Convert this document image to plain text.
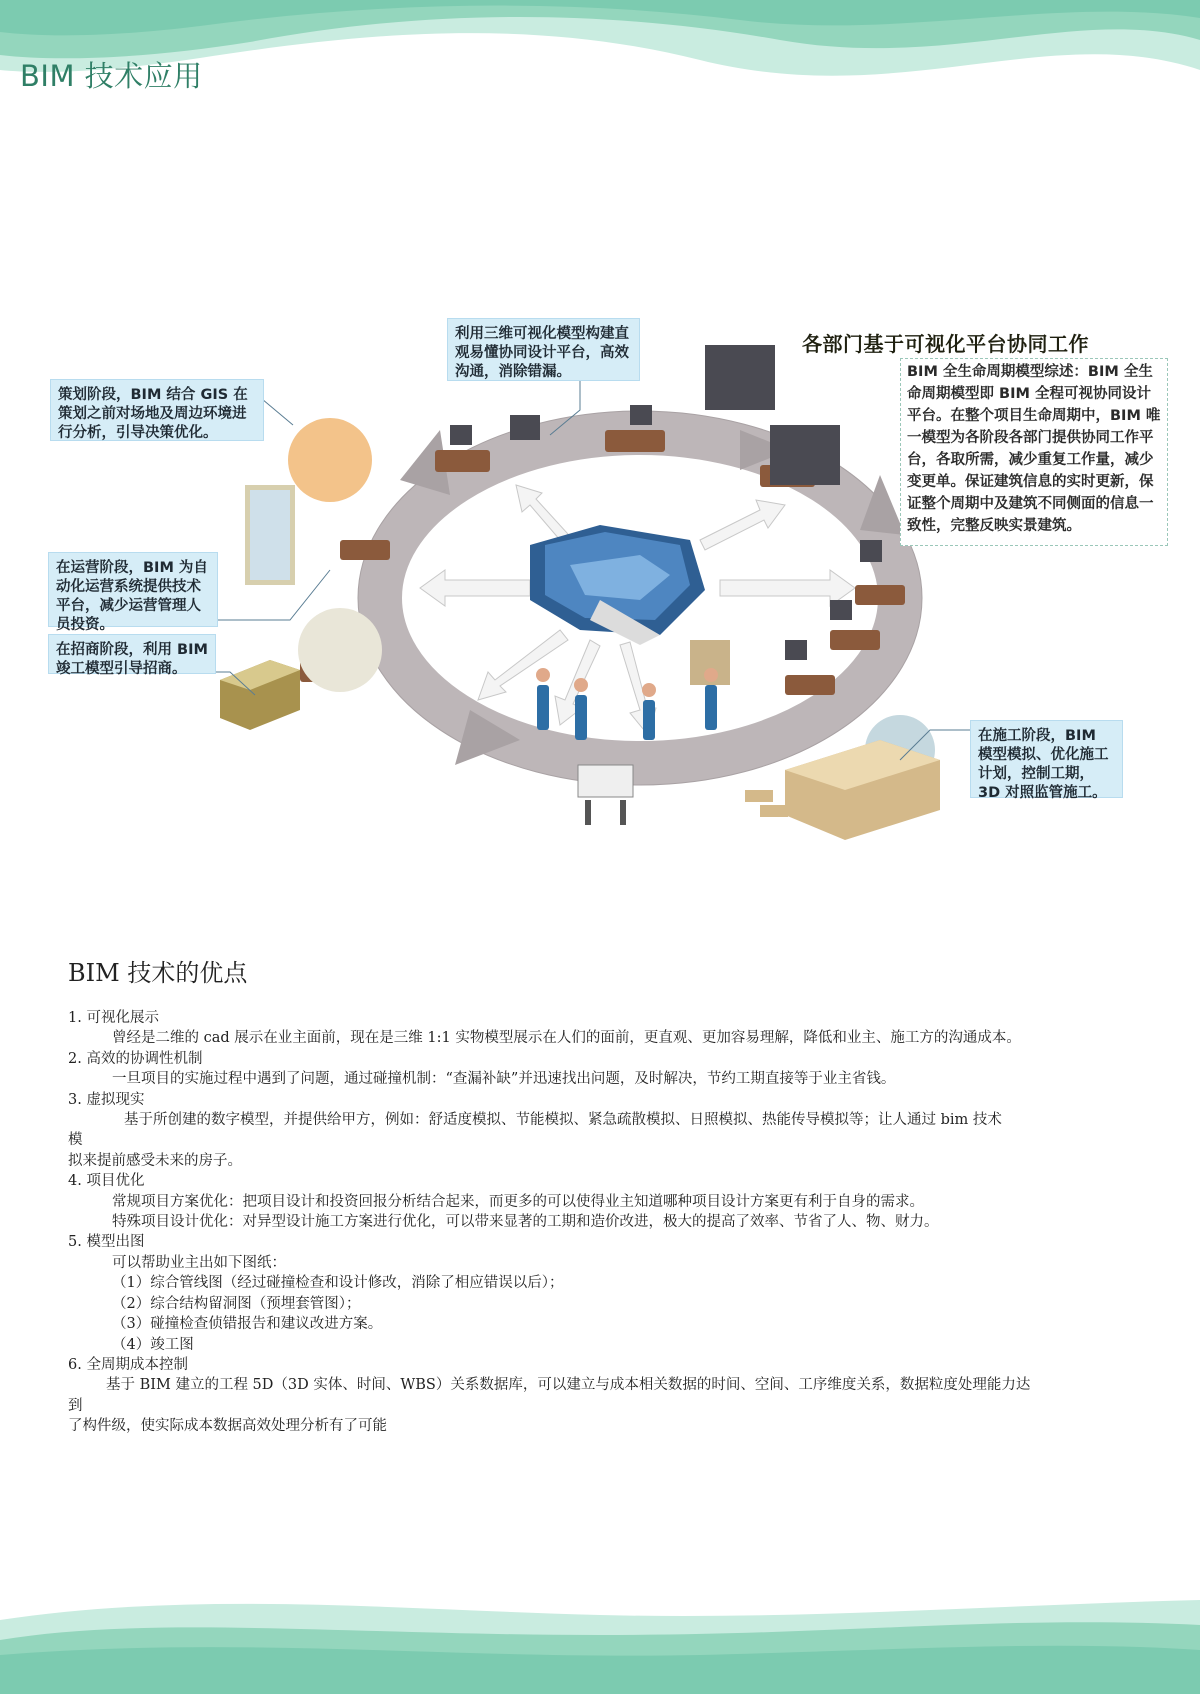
BIM 技术应用
利用三维可视化模型构建直观易懂协同设计平台，高效沟通，消除错漏。
策划阶段，BIM 结合 GIS 在策划之前对场地及周边环境进行分析，引导决策优化。
在运营阶段，BIM 为自动化运营系统提供技术平台，减少运营管理人员投资。
在招商阶段，利用 BIM 竣工模型引导招商。
在施工阶段，BIM 模型模拟、优化施工计划，控制工期，3D 对照监管施工。
各部门基于可视化平台协同工作
BIM 全生命周期模型综述：BIM 全生命周期模型即 BIM 全程可视协同设计平台。在整个项目生命周期中，BIM 唯一模型为各阶段各部门提供协同工作平台，各取所需，减少重复工作量，减少变更单。保证建筑信息的实时更新，保证整个周期中及建筑不同侧面的信息一致性，完整反映实景建筑。
BIM 技术的优点
1. 可视化展示
曾经是二维的 cad 展示在业主面前，现在是三维 1:1 实物模型展示在人们的面前，更直观、更加容易理解，降低和业主、施工方的沟通成本。
2. 高效的协调性机制
一旦项目的实施过程中遇到了问题，通过碰撞机制：“查漏补缺”并迅速找出问题，及时解决，节约工期直接等于业主省钱。
3. 虚拟现实
基于所创建的数字模型，并提供给甲方，例如：舒适度模拟、节能模拟、紧急疏散模拟、日照模拟、热能传导模拟等；让人通过 bim 技术
模
拟来提前感受未来的房子。
4. 项目优化
常规项目方案优化：把项目设计和投资回报分析结合起来，而更多的可以使得业主知道哪种项目设计方案更有利于自身的需求。
特殊项目设计优化：对异型设计施工方案进行优化，可以带来显著的工期和造价改进，极大的提高了效率、节省了人、物、财力。
5. 模型出图
可以帮助业主出如下图纸：
（1）综合管线图（经过碰撞检查和设计修改，消除了相应错误以后）；
（2）综合结构留洞图（预埋套管图）；
（3）碰撞检查侦错报告和建议改进方案。
（4）竣工图
6. 全周期成本控制
基于 BIM 建立的工程 5D（3D 实体、时间、WBS）关系数据库，可以建立与成本相关数据的时间、空间、工序维度关系，数据粒度处理能力达
到
了构件级，使实际成本数据高效处理分析有了可能
